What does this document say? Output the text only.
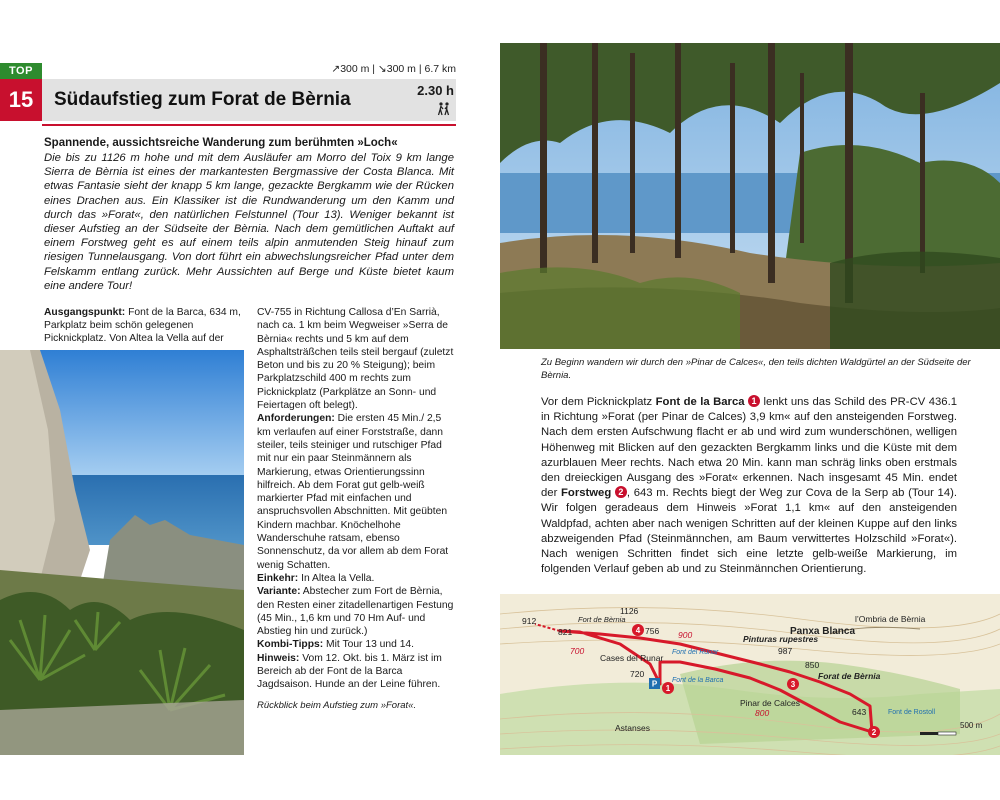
TOP
15	Südaufstieg zum Forat de Bèrnia
↗300 m | ↘300 m | 6.7 km
2.30 h
Spannende, aussichtsreiche Wanderung zum berühmten »Loch«
Die bis zu 1126 m hohe und mit dem Ausläufer am Morro del Toix 9 km lange Sierra de Bèrnia ist eines der markantesten Bergmassive der Costa Blanca. Mit etwas Fantasie sieht der knapp 5 km lange, gezackte Bergkamm wie der Rücken eines Drachen aus. Ein Klassiker ist die Rundwanderung um den Kamm und durch das »Forat«, den natürlichen Felstunnel (Tour 13). Weniger bekannt ist dieser Aufstieg an der Südseite der Bèrnia. Nach dem gemütlichen Auftakt auf einem Forstweg geht es auf einem teils alpin anmutenden Steig hinauf zum riesigen Tunnelausgang. Von dort führt ein abwechslungsreicher Pfad unter dem Felskamm entlang zurück. Mehr Aussichten auf Berge und Küste bietet kaum eine andere Tour!

Ausgangspunkt: Font de la Barca, 634 m, Parkplatz beim schön gelegenen Picknickplatz. Von Altea la Vella auf der

CV-755 in Richtung Callosa d’En Sarrià, nach ca. 1 km beim Wegweiser »Serra de Bèrnia« rechts und 5 km auf dem Asphaltsträßchen teils steil bergauf (zuletzt Beton und bis zu 20 % Steigung); beim Parkplatzschild 400 m rechts zum Picknickplatz (Parkplätze an Sonn- und Feiertagen oft belegt).

Anforderungen: Die ersten 45 Min./ 2,5 km verlaufen auf einer Forststraße, dann steiler, teils steiniger und rutschiger Pfad mit nur ein paar Steinmännern als Markierung, etwas Orientierungssinn hilfreich. Ab dem Forat gut gelb-weiß markierter Pfad mit einfachen und anspruchsvollen Abschnitten. Mit geübten Kindern machbar. Knöchelhohe Wanderschuhe ratsam, ebenso Sonnenschutz, da vor allem ab dem Forat wenig Schatten.

Einkehr: In Altea la Vella.

Variante: Abstecher zum Fort de Bèrnia, den Resten einer zitadellenartigen Festung (45 Min., 1,6 km und 70 Hm Auf- und Abstieg hin und zurück.)

Kombi-Tipps: Mit Tour 13 und 14.

Hinweis: Vom 12. Okt. bis 1. März ist im Bereich ab der Font de la Barca Jagdsaison. Hunde an der Leine führen.

Rückblick beim Aufstieg zum »Forat«.
Zu Beginn wandern wir durch den »Pinar de Calces«, den teils dichten Waldgürtel an der Südseite der Bèrnia.
Vor dem Picknickplatz Font de la Barca 1 lenkt uns das Schild des PR-CV 436.1 in Richtung »Forat (per Pinar de Calces) 3,9 km« auf den ansteigenden Forstweg. Nach dem ersten Aufschwung flacht er ab und wird zum wunderschönen, welligen Höhenweg mit Blicken auf den gezackten Bergkamm links und die Küste mit dem azurblauen Meer rechts. Nach etwa 20 Min. kann man schräg links oben erstmals den dreieckigen Ausgang des »Forat« erkennen. Nach insgesamt 45 Min. endet der Forstweg 2 , 643 m. Rechts biegt der Weg zur Cova de la Serp ab (Tour 14). Wir folgen geradeaus dem Hinweis »Forat 1,1 km« auf den ansteigenden Waldpfad, achten aber nach wenigen Schritten auf der kleinen Kuppe auf den links abzweigenden Pfad (Steinmännchen, am Baum verwittertes Holzschild »Forat«). Nach wenigen Schritten findet sich eine letzte gelb-weiße Markierung, im folgenden Verlauf geben ab und zu Steinmännchen Orientierung.
912
1126
821	756 900
720
987
850
643
700
800
Cases del Runar
Pinar de Calces
Astanses
l’Ombria de Bèrnia
Forat de Bèrnia
Pinturas rupestres
Fort de Bèrnia
Font del Runar
Font de la Barca
Font de Rostoll
Panxa Blanca
1
2
3
4
P
500 m
